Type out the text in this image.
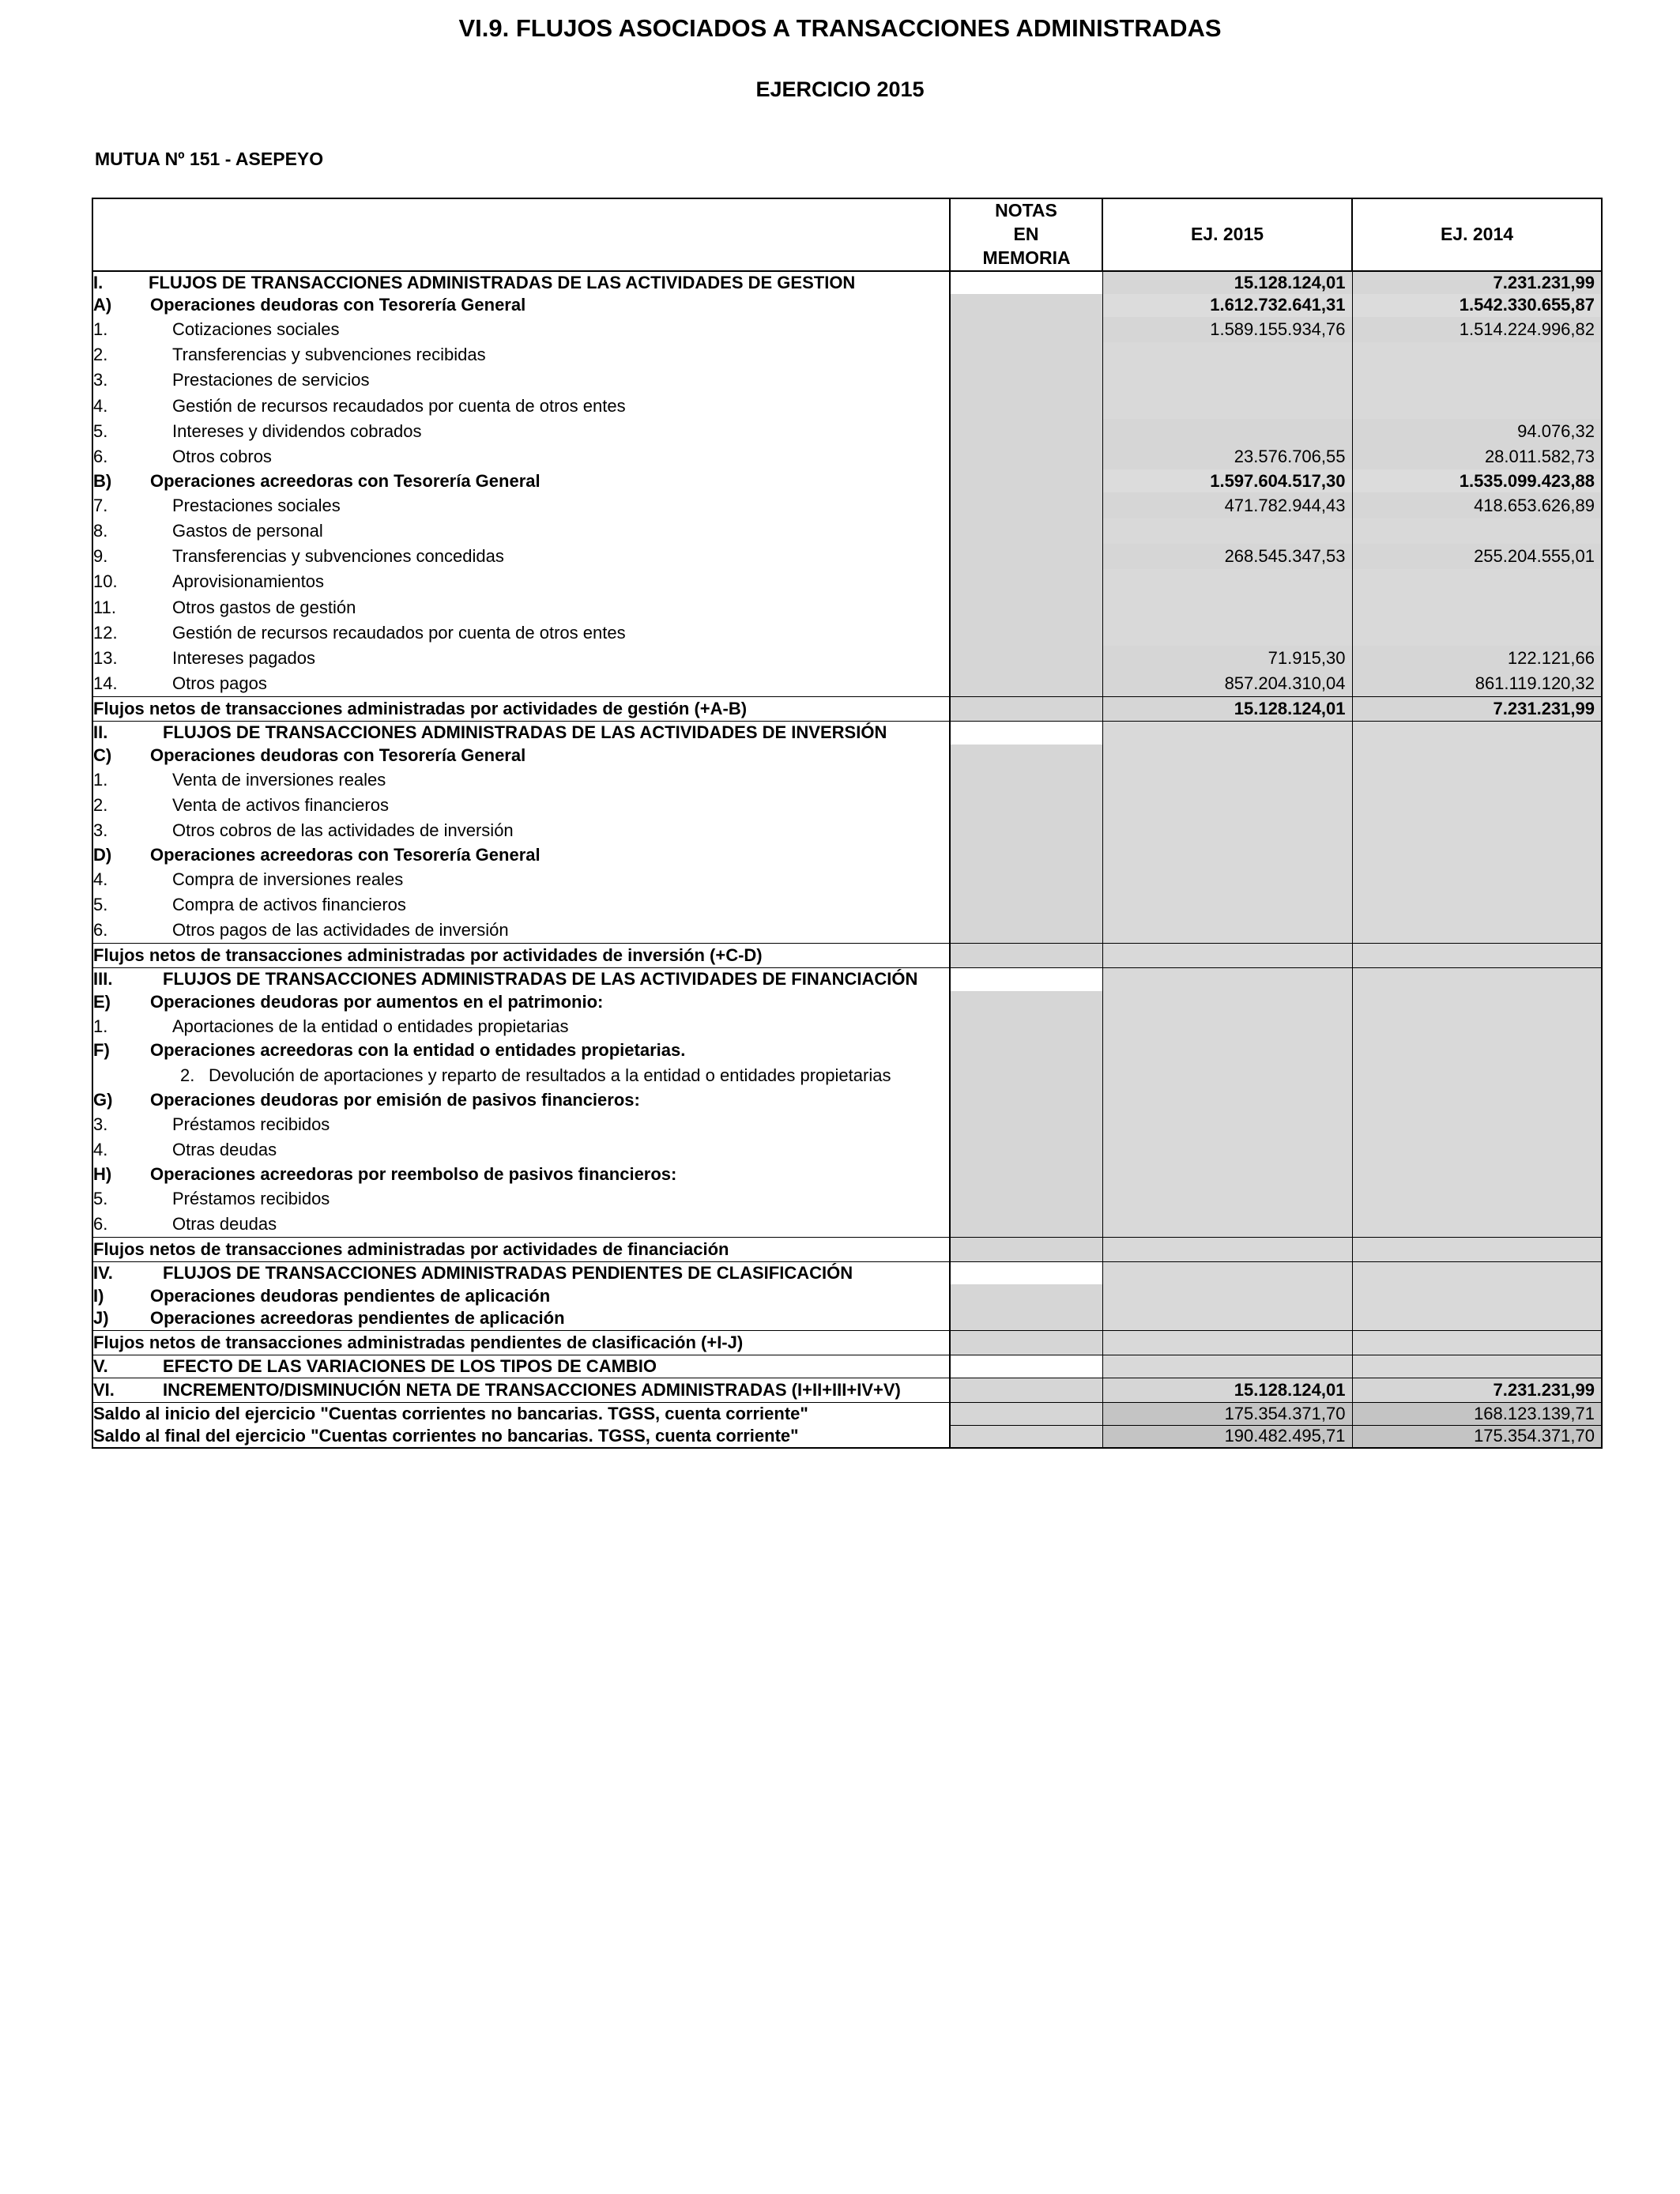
VI.9. FLUJOS ASOCIADOS A TRANSACCIONES ADMINISTRADAS
EJERCICIO 2015
MUTUA Nº 151 - ASEPEYO

	NOTAS EN MEMORIA	EJ. 2015	EJ. 2014
I. FLUJOS DE TRANSACCIONES ADMINISTRADAS DE LAS ACTIVIDADES DE GESTION		15.128.124,01	7.231.231,99
A) Operaciones deudoras con Tesorería General		1.612.732.641,31	1.542.330.655,87
1. Cotizaciones sociales		1.589.155.934,76	1.514.224.996,82
2. Transferencias y subvenciones recibidas			
3. Prestaciones de servicios			
4. Gestión de recursos recaudados por cuenta de otros entes			
5. Intereses y dividendos cobrados			94.076,32
6. Otros cobros		23.576.706,55	28.011.582,73
B) Operaciones acreedoras con Tesorería General		1.597.604.517,30	1.535.099.423,88
7. Prestaciones sociales		471.782.944,43	418.653.626,89
8. Gastos de personal			
9. Transferencias y subvenciones concedidas		268.545.347,53	255.204.555,01
10. Aprovisionamientos			
11. Otros gastos de gestión			
12. Gestión de recursos recaudados por cuenta de otros entes			
13. Intereses pagados		71.915,30	122.121,66
14. Otros pagos		857.204.310,04	861.119.120,32
Flujos netos de transacciones administradas por actividades de gestión (+A-B)		15.128.124,01	7.231.231,99
II. FLUJOS DE TRANSACCIONES ADMINISTRADAS DE LAS ACTIVIDADES DE INVERSIÓN			
C) Operaciones deudoras con Tesorería General			
1. Venta de inversiones reales			
2. Venta de activos financieros			
3. Otros cobros de las actividades de inversión			
D) Operaciones acreedoras con Tesorería General			
4. Compra de inversiones reales			
5. Compra de activos financieros			
6. Otros pagos de las actividades de inversión			
Flujos netos de transacciones administradas por actividades de inversión (+C-D)			
III. FLUJOS DE TRANSACCIONES ADMINISTRADAS DE LAS ACTIVIDADES DE FINANCIACIÓN			
E) Operaciones deudoras por aumentos en el patrimonio:			
1. Aportaciones de la entidad o entidades propietarias			
F) Operaciones acreedoras con la entidad o entidades propietarias.			
2. Devolución de aportaciones y reparto de resultados a la entidad o entidades propietarias			
G) Operaciones deudoras por emisión de pasivos financieros:			
3. Préstamos recibidos			
4. Otras deudas			
H) Operaciones acreedoras por reembolso de pasivos financieros:			
5. Préstamos recibidos			
6. Otras deudas			
Flujos netos de transacciones administradas por actividades de financiación			
IV. FLUJOS DE TRANSACCIONES ADMINISTRADAS PENDIENTES DE CLASIFICACIÓN			
I) Operaciones deudoras pendientes de aplicación			
J) Operaciones acreedoras pendientes de aplicación			
Flujos netos de transacciones administradas pendientes de clasificación (+I-J)			
V. EFECTO DE LAS VARIACIONES DE LOS TIPOS DE CAMBIO			
VI. INCREMENTO/DISMINUCIÓN NETA DE TRANSACCIONES ADMINISTRADAS (I+II+III+IV+V)		15.128.124,01	7.231.231,99
Saldo al inicio del ejercicio "Cuentas corrientes no bancarias. TGSS, cuenta corriente"		175.354.371,70	168.123.139,71
Saldo al final del ejercicio "Cuentas corrientes no bancarias. TGSS, cuenta corriente"		190.482.495,71	175.354.371,70
